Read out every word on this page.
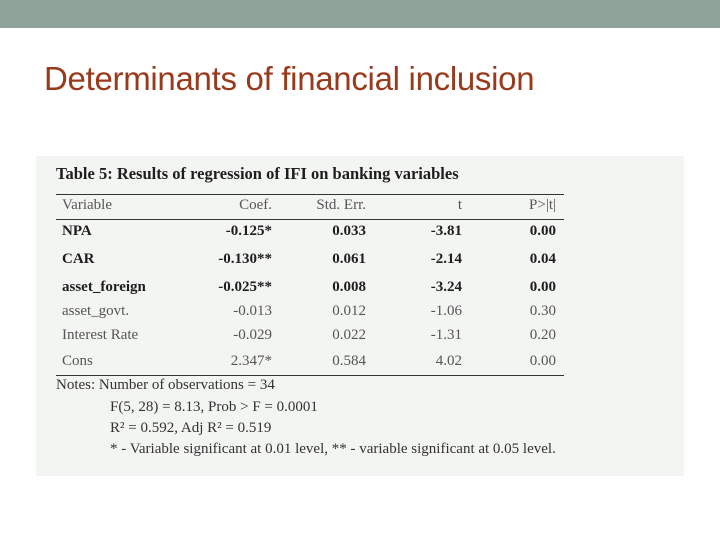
Determinants of financial inclusion
Table 5: Results of regression of IFI on banking variables
Variable	Coef.	Std. Err.	t	P>|t|
NPA	-0.125*	0.033	-3.81	0.00
CAR	-0.130**	0.061	-2.14	0.04
asset_foreign	-0.025**	0.008	-3.24	0.00
asset_govt.	-0.013	0.012	-1.06	0.30
Interest Rate	-0.029	0.022	-1.31	0.20
Cons	2.347*	0.584	4.02	0.00
Notes: Number of observations = 34
F(5, 28) = 8.13, Prob > F = 0.0001
R² = 0.592, Adj R² = 0.519
* - Variable significant at 0.01 level, ** - variable significant at 0.05 level.
